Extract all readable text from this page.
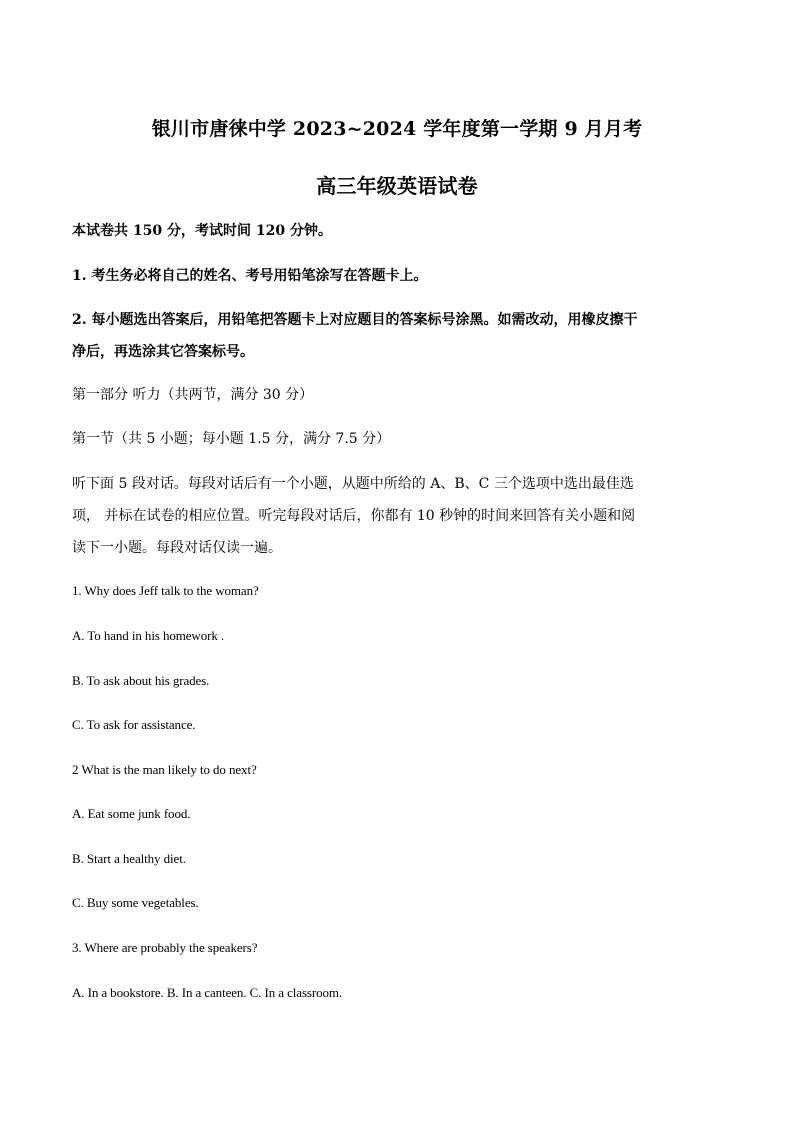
银川市唐徕中学 2023~2024 学年度第一学期 9 月月考
高三年级英语试卷
本试卷共 150 分，考试时间 120 分钟。
1. 考生务必将自己的姓名、考号用铅笔涂写在答题卡上。
2. 每小题选出答案后，用铅笔把答题卡上对应题目的答案标号涂黑。如需改动，用橡皮擦干
净后，再选涂其它答案标号。
第一部分 听力（共两节，满分 30 分）
第一节（共 5 小题；每小题 1.5 分，满分 7.5 分）
听下面 5 段对话。每段对话后有一个小题，从题中所给的 A、B、C 三个选项中选出最佳选
项， 并标在试卷的相应位置。听完每段对话后，你都有 10 秒钟的时间来回答有关小题和阅
读下一小题。每段对话仅读一遍。
1. Why does Jeff talk to the woman?
A. To hand in his homework .
B. To ask about his grades.
C. To ask for assistance.
2 What is the man likely to do next?
A. Eat some junk food.
B. Start a healthy diet.
C. Buy some vegetables.
3. Where are probably the speakers?
A. In a bookstore. B. In a canteen. C. In a classroom.
